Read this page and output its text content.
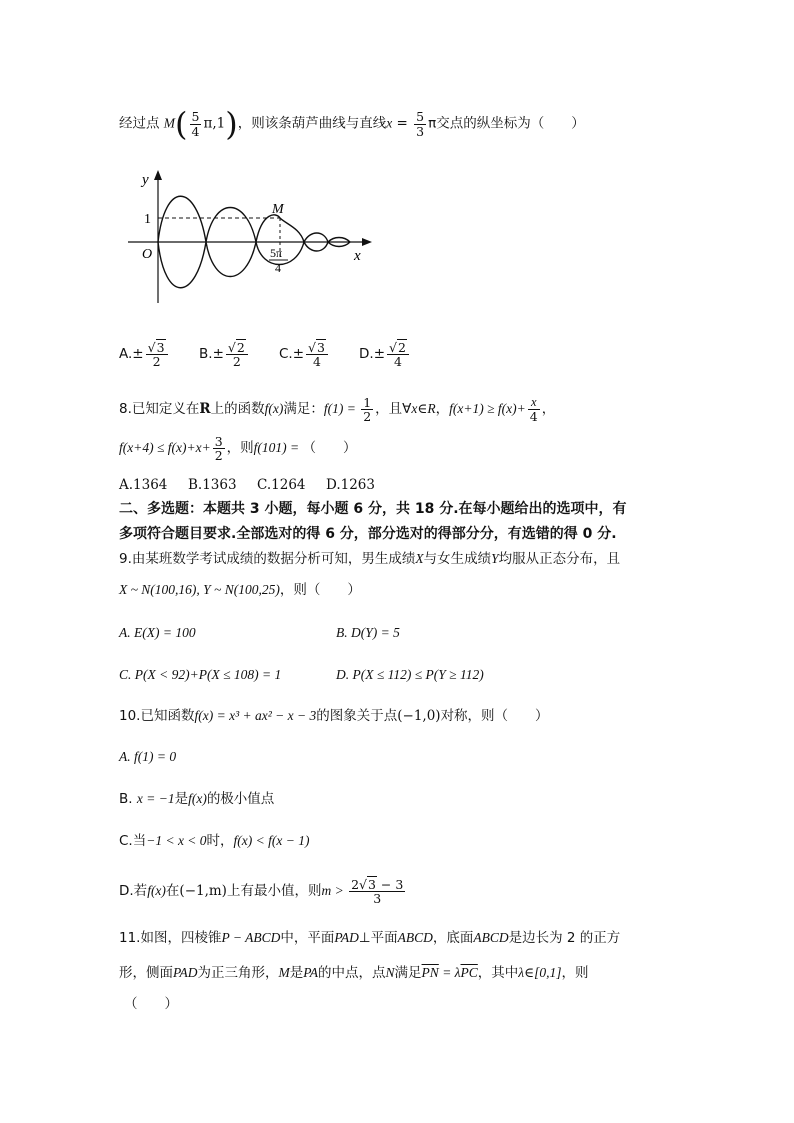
经过点 $M( \frac{5}{4} \pi,1)$，则该条葫芦曲线与直线$x = \frac{5}{3}$ π交点的纵坐标为（　　）
y
x
O
1
M
5π
4
$A.\pm \frac{√3}{2} B.\pm \frac{√2}{2} C.\pm \frac{√3}{4} D.\pm \frac{√2}{4}$
8.已知定义在R上的函数f(x)满足：$f(1) = \frac{1}{2}$ ，且∀x∈R，$f(x+1) \ge f(x)+ \frac{x}{4}$ ，
$f(x+4) \le f(x)+x+ \frac{3}{2}$ ，则f(101) = （　　）
A.1364 B.1363 C.1264 D.1263
二、多选题：本题共 3 小题，每小题 6 分，共 18 分.在每小题给出的选项中，有
多项符合题目要求.全部选对的得 6 分，部分选对的得部分分，有选错的得 0 分.
9.由某班数学考试成绩的数据分析可知，男生成绩X与女生成绩Y均服从正态分布，且
X ~ N(100,16), Y ~ N(100,25)，则（　　）
A. E(X) = 100	B. D(Y) = 5
C. P(X < 92)+P(X ≤ 108) = 1	D. P(X ≤ 112) ≤ P(Y ≥ 112)
10.已知函数f(x) = x³ + ax² − x − 3的图象关于点(−1,0)对称，则（　　）
A. f(1) = 0
B. x = −1是f(x)的极小值点
C.当−1 < x < 0时，f(x) < f(x − 1)
D.若f(x)在(−1,m)上有最小值，则$m > \frac{2√3 - 3}{3}$
11.如图，四棱锥P − ABCD中，平面PAD⊥平面ABCD，底面ABCD是边长为 2 的正方
形，侧面PAD为正三角形，M是PA的中点，点N满足$\overline{PN} = \lambda\overline{PC}$，其中λ∈[0,1]，则
（　　）
